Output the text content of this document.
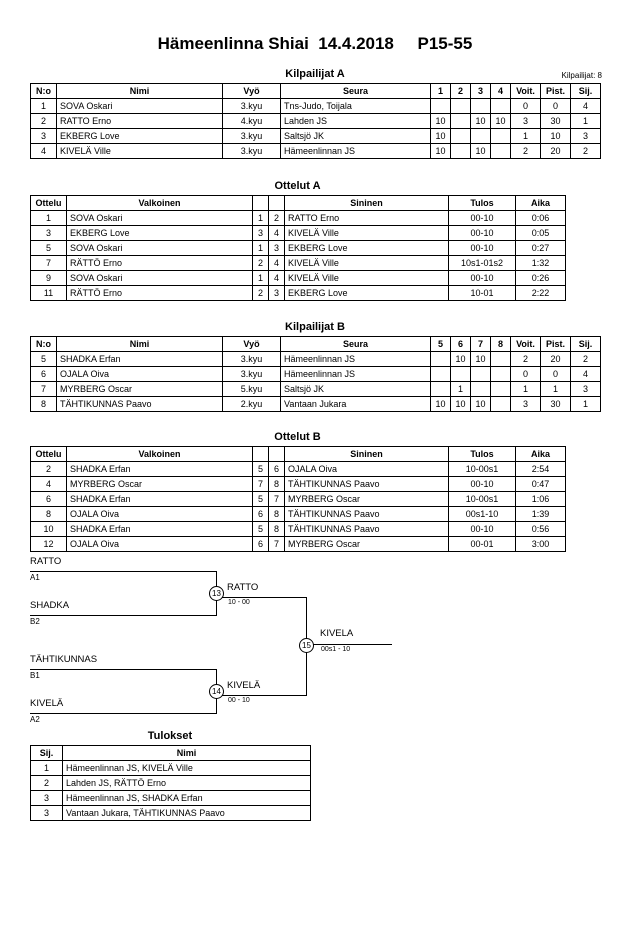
Hämeenlinna Shiai  14.4.2018     P15-55
Kilpailijat A	Kilpailijat: 8
N:o	Nimi	Vyö	Seura	1	2	3	4	Voit.	Pist.	Sij.
1	SOVA Oskari	3.kyu	Tns-Judo, Toijala					0	0	4
2	RATTO Erno	4.kyu	Lahden JS	10		10	10	3	30	1
3	EKBERG Love	3.kyu	Saltsjö JK	10				1	10	3
4	KIVELÄ Ville	3.kyu	Hämeenlinnan JS	10		10		2	20	2
Ottelut A
Ottelu	Valkoinen			Sininen	Tulos	Aika
1	SOVA Oskari	1	2	RATTO Erno	00-10	0:06
3	EKBERG Love	3	4	KIVELÄ Ville	00-10	0:05
5	SOVA Oskari	1	3	EKBERG Love	00-10	0:27
7	RÄTTÖ Erno	2	4	KIVELÄ Ville	10s1-01s2	1:32
9	SOVA Oskari	1	4	KIVELÄ Ville	00-10	0:26
11	RÄTTÖ Erno	2	3	EKBERG Love	10-01	2:22
Kilpailijat B
N:o	Nimi	Vyö	Seura	5	6	7	8	Voit.	Pist.	Sij.
5	SHADKA Erfan	3.kyu	Hämeenlinnan JS		10	10		2	20	2
6	OJALA Oiva	3.kyu	Hämeenlinnan JS					0	0	4
7	MYRBERG Oscar	5.kyu	Saltsjö JK		1			1	1	3
8	TÄHTIKUNNAS Paavo	2.kyu	Vantaan Jukara	10	10	10		3	30	1
Ottelut B
Ottelu	Valkoinen			Sininen	Tulos	Aika
2	SHADKA Erfan	5	6	OJALA Oiva	10-00s1	2:54
4	MYRBERG Oscar	7	8	TÄHTIKUNNAS Paavo	00-10	0:47
6	SHADKA Erfan	5	7	MYRBERG Oscar	10-00s1	1:06
8	OJALA Oiva	6	8	TÄHTIKUNNAS Paavo	00s1-10	1:39
10	SHADKA Erfan	5	8	TÄHTIKUNNAS Paavo	00-10	0:56
12	OJALA Oiva	6	7	MYRBERG Oscar	00-01	3:00
RATTO
A1
SHADKA
B2
13
RATTO
10 - 00
TÄHTIKUNNAS
B1
KIVELÄ
A2
14
KIVELÄ
00 - 10
15
KIVELA
00s1 - 10
Tulokset
Sij.	Nimi
1	Hämeenlinnan JS, KIVELÄ Ville
2	Lahden JS, RÄTTÖ Erno
3	Hämeenlinnan JS, SHADKA Erfan
3	Vantaan Jukara, TÄHTIKUNNAS Paavo
